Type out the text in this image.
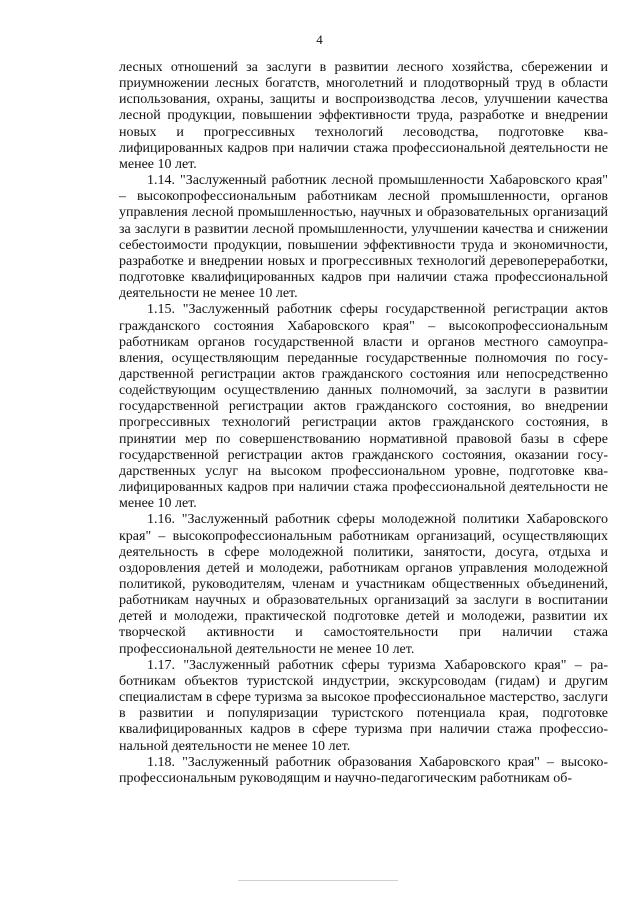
4

лесных отношений за заслуги в развитии лесного хозяйства, сбережении и приумножении лесных богатств, многолетний и плодотворный труд в области использования, охраны, защиты и воспроизводства лесов, улучшении качества лесной продукции, повышении эффективности труда, разработке и внедрении новых и прогрессивных технологий лесоводства, подготовке квалифицированных кадров при наличии стажа профессиональной деятельности не менее 10 лет.

1.14. "Заслуженный работник лесной промышленности Хабаровского края" – высокопрофессиональным работникам лесной промышленности, органов управления лесной промышленностью, научных и образовательных организаций за заслуги в развитии лесной промышленности, улучшении качества и снижении себестоимости продукции, повышении эффективности труда и экономичности, разработке и внедрении новых и прогрессивных технологий деревопереработки, подготовке квалифицированных кадров при наличии стажа профессиональной деятельности не менее 10 лет.

1.15. "Заслуженный работник сферы государственной регистрации актов гражданского состояния Хабаровского края" – высокопрофессиональным работникам органов государственной власти и органов местного самоуправления, осуществляющим переданные государственные полномочия по государственной регистрации актов гражданского состояния или непосредственно содействующим осуществлению данных полномочий, за заслуги в развитии государственной регистрации актов гражданского состояния, во внедрении прогрессивных технологий регистрации актов гражданского состояния, в принятии мер по совершенствованию нормативной правовой базы в сфере государственной регистрации актов гражданского состояния, оказании государственных услуг на высоком профессиональном уровне, подготовке квалифицированных кадров при наличии стажа профессиональной деятельности не менее 10 лет.

1.16. "Заслуженный работник сферы молодежной политики Хабаровского края" – высокопрофессиональным работникам организаций, осуществляющих деятельность в сфере молодежной политики, занятости, досуга, отдыха и оздоровления детей и молодежи, работникам органов управления молодежной политикой, руководителям, членам и участникам общественных объединений, работникам научных и образовательных организаций за заслуги в воспитании детей и молодежи, практической подготовке детей и молодежи, развитии их творческой активности и самостоятельности при наличии стажа профессиональной деятельности не менее 10 лет.

1.17. "Заслуженный работник сферы туризма Хабаровского края" – работникам объектов туристской индустрии, экскурсоводам (гидам) и другим специалистам в сфере туризма за высокое профессиональное мастерство, заслуги в развитии и популяризации туристского потенциала края, подготовке квалифицированных кадров в сфере туризма при наличии стажа профессиональной деятельности не менее 10 лет.

1.18. "Заслуженный работник образования Хабаровского края" – высокопрофессиональным руководящим и научно-педагогическим работникам об-
